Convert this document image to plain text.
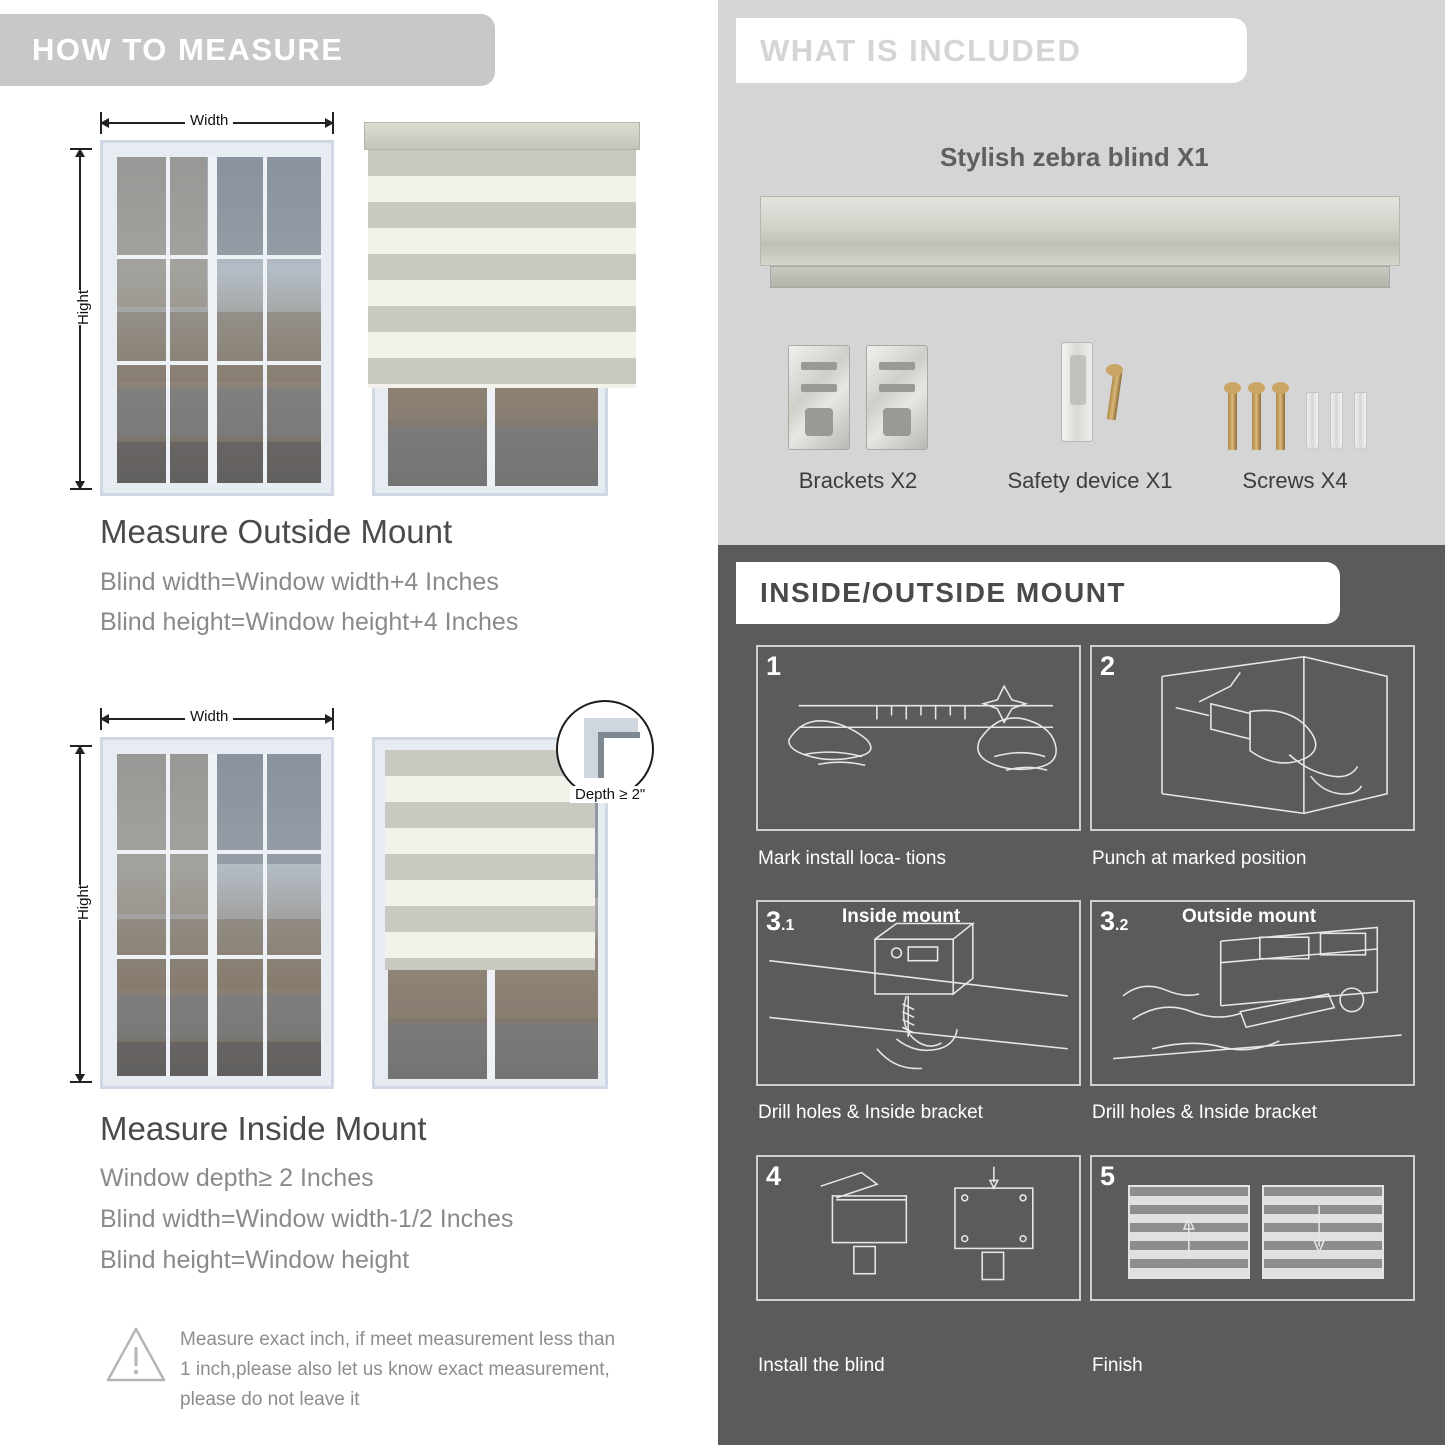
HOW TO MEASURE
Width
Hight
Measure Outside Mount
Blind width=Window width+4 Inches
Blind height=Window height+4 Inches
Width
Hight
Depth ≥ 2"
Measure Inside Mount
Window depth≥ 2 Inches
Blind width=Window width-1/2 Inches
Blind height=Window height
Measure exact inch, if meet measurement less than 1 inch,please also let us know exact measurement, please do not leave it
WHAT IS INCLUDED
Stylish zebra blind X1
Brackets X2	Safety device X1	Screws X4
INSIDE/OUTSIDE MOUNT
1
Mark install loca- tions
2
Punch at marked position
3.1	Inside mount
Drill holes & Inside bracket
3.2	Outside mount
Drill holes & Inside bracket
4
Install the blind
5
Finish
